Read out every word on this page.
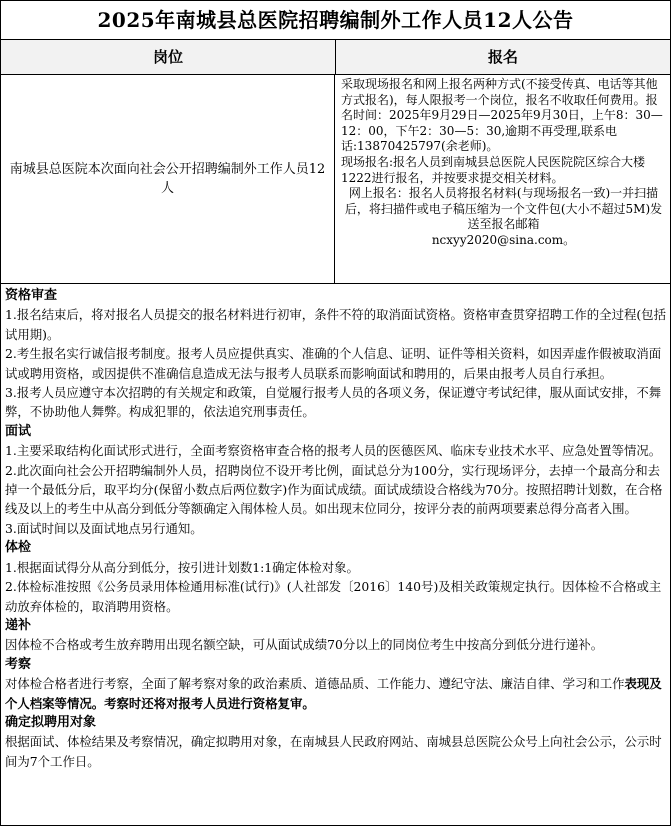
2025年南城县总医院招聘编制外工作人员12人公告
岗位	报名
南城县总医院本次面向社会公开招聘编制外工作人员12人

采取现场报名和网上报名两种方式(不接受传真、电话等其他方式报名)，每人限报考一个岗位，报名不收取任何费用。报名时间：2025年9月29日—2025年9月30日，上午8：30—12：00，下午2：30—5：30,逾期不再受理,联系电话:13870425797(余老师)。

现场报名:报名人员到南城县总医院人民医院院区综合大楼1222进行报名，并按要求提交相关材料。

网上报名：报名人员将报名材料(与现场报名一致)一并扫描后，将扫描件或电子稿压缩为一个文件包(大小不超过5M)发送至报名邮箱

ncxyy2020@sina.com。

资格审查

1.报名结束后，将对报名人员提交的报名材料进行初审，条件不符的取消面试资格。资格审查贯穿招聘工作的全过程(包括试用期)。

2.考生报名实行诚信报考制度。报考人员应提供真实、准确的个人信息、证明、证件等相关资料，如因弄虚作假被取消面试或聘用资格，或因提供不准确信息造成无法与报考人员联系而影响面试和聘用的，后果由报考人员自行承担。

3.报考人员应遵守本次招聘的有关规定和政策，自觉履行报考人员的各项义务，保证遵守考试纪律，服从面试安排，不舞弊，不协助他人舞弊。构成犯罪的，依法追究刑事责任。

面试

1.主要采取结构化面试形式进行，全面考察资格审查合格的报考人员的医德医风、临床专业技术水平、应急处置等情况。

2.此次面向社会公开招聘编制外人员，招聘岗位不设开考比例，面试总分为100分，实行现场评分，去掉一个最高分和去掉一个最低分后，取平均分(保留小数点后两位数字)作为面试成绩。面试成绩设合格线为70分。按照招聘计划数，在合格线及以上的考生中从高分到低分等额确定入闱体检人员。如出现末位同分，按评分表的前两项要素总得分高者入围。

3.面试时间以及面试地点另行通知。

体检

1.根据面试得分从高分到低分，按引进计划数1:1确定体检对象。

2.体检标准按照《公务员录用体检通用标准(试行)》(人社部发〔2016〕140号)及相关政策规定执行。因体检不合格或主动放弃体检的，取消聘用资格。

递补

因体检不合格或考生放弃聘用出现名额空缺，可从面试成绩70分以上的同岗位考生中按高分到低分进行递补。

考察

对体检合格者进行考察，全面了解考察对象的政治素质、道德品质、工作能力、遵纪守法、廉洁自律、学习和工作表现及个人档案等情况。考察时还将对报考人员进行资格复审。

确定拟聘用对象

根据面试、体检结果及考察情况，确定拟聘用对象，在南城县人民政府网站、南城县总医院公众号上向社会公示，公示时间为7个工作日。
